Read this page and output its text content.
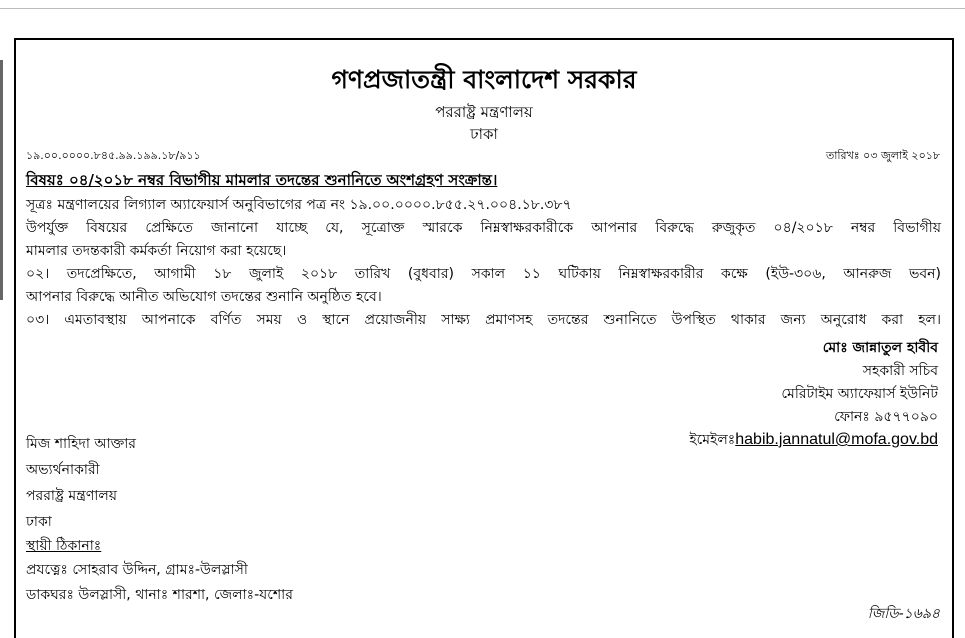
গণপ্রজাতন্ত্রী বাংলাদেশ সরকার
পররাষ্ট্র মন্ত্রণালয়
ঢাকা
১৯.০০.০০০০.৮৪৫.৯৯.১৯৯.১৮/৯১১	তারিখঃ ০৩ জুলাই ২০১৮
বিষয়ঃ ০৪/২০১৮ নম্বর বিভাগীয় মামলার তদন্তের শুনানিতে অংশগ্রহণ সংক্রান্ত।
সূত্রঃ মন্ত্রণালয়ের লিগ্যাল অ্যাফেয়ার্স অনুবিভাগের পত্র নং ১৯.০০.০০০০.৮৫৫.২৭.০০৪.১৮.৩৮৭
উপর্যুক্ত বিষয়ের প্রেক্ষিতে জানানো যাচ্ছে যে, সূত্রোক্ত স্মারকে নিম্নস্বাক্ষরকারীকে আপনার বিরুদ্ধে রুজুকৃত ০৪/২০১৮ নম্বর বিভাগীয়
মামলার তদন্তকারী কর্মকর্তা নিয়োগ করা হয়েছে।
০২। তদপ্রেক্ষিতে, আগামী ১৮ জুলাই ২০১৮ তারিখ (বুধবার) সকাল ১১ ঘটিকায় নিম্নস্বাক্ষরকারীর কক্ষে (ইউ-৩০৬, আনরুজ ভবন)
আপনার বিরুদ্ধে আনীত অভিযোগ তদন্তের শুনানি অনুষ্ঠিত হবে।
০৩। এমতাবস্থায় আপনাকে বর্ণিত সময় ও স্থানে প্রয়োজনীয় সাক্ষ্য প্রমাণসহ তদন্তের শুনানিতে উপস্থিত থাকার জন্য অনুরোধ করা হল।
মোঃ জান্নাতুল হাবীব
সহকারী সচিব
মেরিটাইম অ্যাফেয়ার্স ইউনিট
ফোনঃ ৯৫৭৭০৯০
ইমেইলঃhabib.jannatul@mofa.gov.bd
মিজ শাহিদা আক্তার
অভ্যর্থনাকারী
পররাষ্ট্র মন্ত্রণালয়
ঢাকা
স্থায়ী ঠিকানাঃ
প্রযত্নেঃ সোহরাব উদ্দিন, গ্রামঃ-উলস্লাসী
ডাকঘরঃ উলস্লাসী, থানাঃ শারশা, জেলাঃ-যশোর
জিডি-১৬৯৪
